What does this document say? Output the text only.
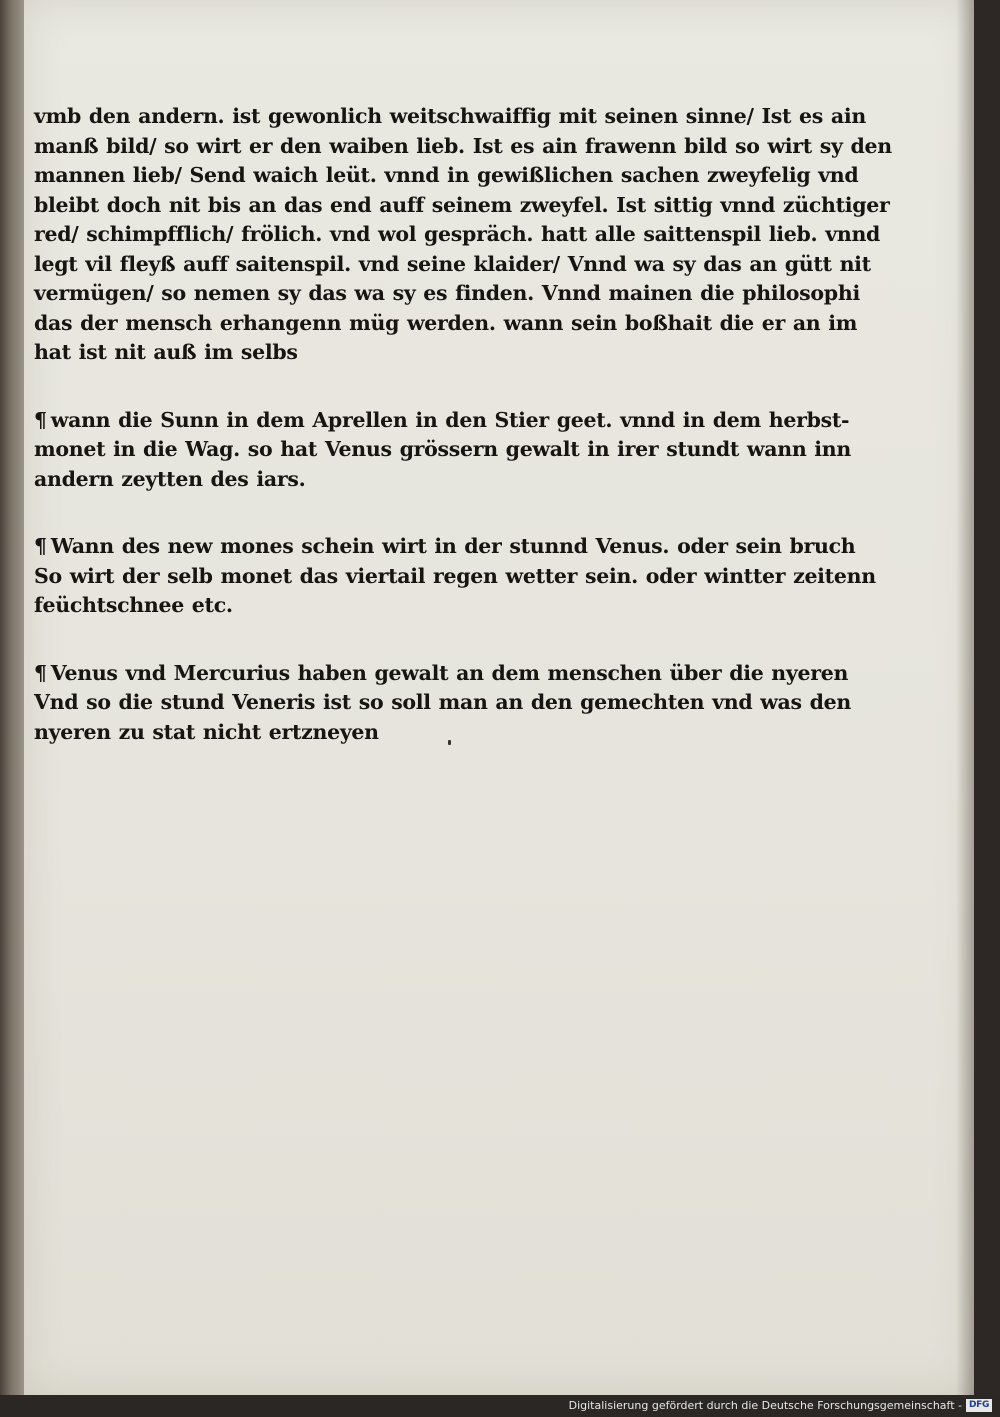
vmb den andern. ist gewonlich weitschwaiffig mit seinen sinne/ Ist es ain
manß bild/ so wirt er den waiben lieb. Ist es ain frawenn bild so wirt sy den
mannen lieb/ Send waich leüt. vnnd in gewißlichen sachen zweyfelig vnd
bleibt doch nit bis an das end auff seinem zweyfel. Ist sittig vnnd züchtiger
red/ schimpfflich/ frölich. vnd wol gespräch. hatt alle saittenspil lieb. vnnd
legt vil fleyß auff saitenspil. vnd seine klaider/ Vnnd wa sy das an gütt nit
vermügen/ so nemen sy das wa sy es finden. Vnnd mainen die philosophi
das der mensch erhangenn müg werden. wann sein boßhait die er an im
hat ist nit auß im selbs
¶ wann die Sunn in dem Aprellen in den Stier geet. vnnd in dem herbst-
monet in die Wag. so hat Venus grössern gewalt in irer stundt wann inn
andern zeytten des iars.
¶ Wann des new mones schein wirt in der stunnd Venus. oder sein bruch
So wirt der selb monet das viertail regen wetter sein. oder wintter zeitenn
feüchtschnee etc.
¶ Venus vnd Mercurius haben gewalt an dem menschen über die nyeren
Vnd so die stund Veneris ist so soll man an den gemechten vnd was den
nyeren zu stat nicht ertzneyen
Digitalisierung gefördert durch die Deutsche Forschungsgemeinschaft - DFG
